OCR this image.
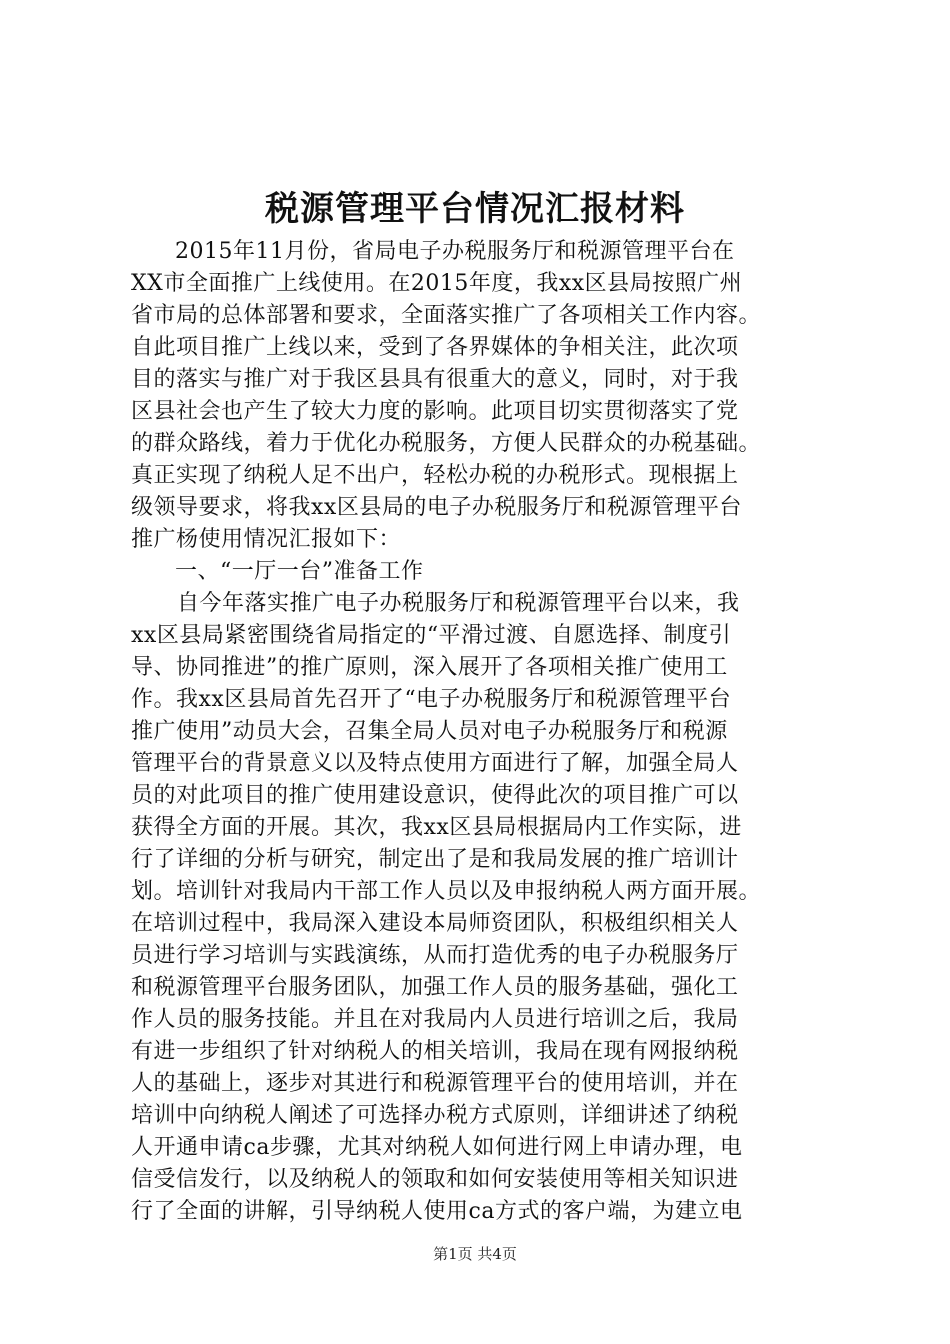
税源管理平台情况汇报材料
2015年11月份，省局电子办税服务厅和税源管理平台在
XX市全面推广上线使用。在2015年度，我xx区县局按照广州
省市局的总体部署和要求，全面落实推广了各项相关工作内容。
自此项目推广上线以来，受到了各界媒体的争相关注，此次项
目的落实与推广对于我区县具有很重大的意义，同时，对于我
区县社会也产生了较大力度的影响。此项目切实贯彻落实了党
的群众路线，着力于优化办税服务，方便人民群众的办税基础。
真正实现了纳税人足不出户，轻松办税的办税形式。现根据上
级领导要求，将我xx区县局的电子办税服务厅和税源管理平台
推广杨使用情况汇报如下：
一、“一厅一台”准备工作
自今年落实推广电子办税服务厅和税源管理平台以来，我
xx区县局紧密围绕省局指定的“平滑过渡、自愿选择、制度引
导、协同推进”的推广原则，深入展开了各项相关推广使用工
作。我xx区县局首先召开了“电子办税服务厅和税源管理平台
推广使用”动员大会，召集全局人员对电子办税服务厅和税源
管理平台的背景意义以及特点使用方面进行了解，加强全局人
员的对此项目的推广使用建设意识，使得此次的项目推广可以
获得全方面的开展。其次，我xx区县局根据局内工作实际，进
行了详细的分析与研究，制定出了是和我局发展的推广培训计
划。培训针对我局内干部工作人员以及申报纳税人两方面开展。
在培训过程中，我局深入建设本局师资团队，积极组织相关人
员进行学习培训与实践演练，从而打造优秀的电子办税服务厅
和税源管理平台服务团队，加强工作人员的服务基础，强化工
作人员的服务技能。并且在对我局内人员进行培训之后，我局
有进一步组织了针对纳税人的相关培训，我局在现有网报纳税
人的基础上，逐步对其进行和税源管理平台的使用培训，并在
培训中向纳税人阐述了可选择办税方式原则，详细讲述了纳税
人开通申请ca步骤，尤其对纳税人如何进行网上申请办理，电
信受信发行，以及纳税人的领取和如何安装使用等相关知识进
行了全面的讲解，引导纳税人使用ca方式的客户端，为建立电
第1页 共4页
